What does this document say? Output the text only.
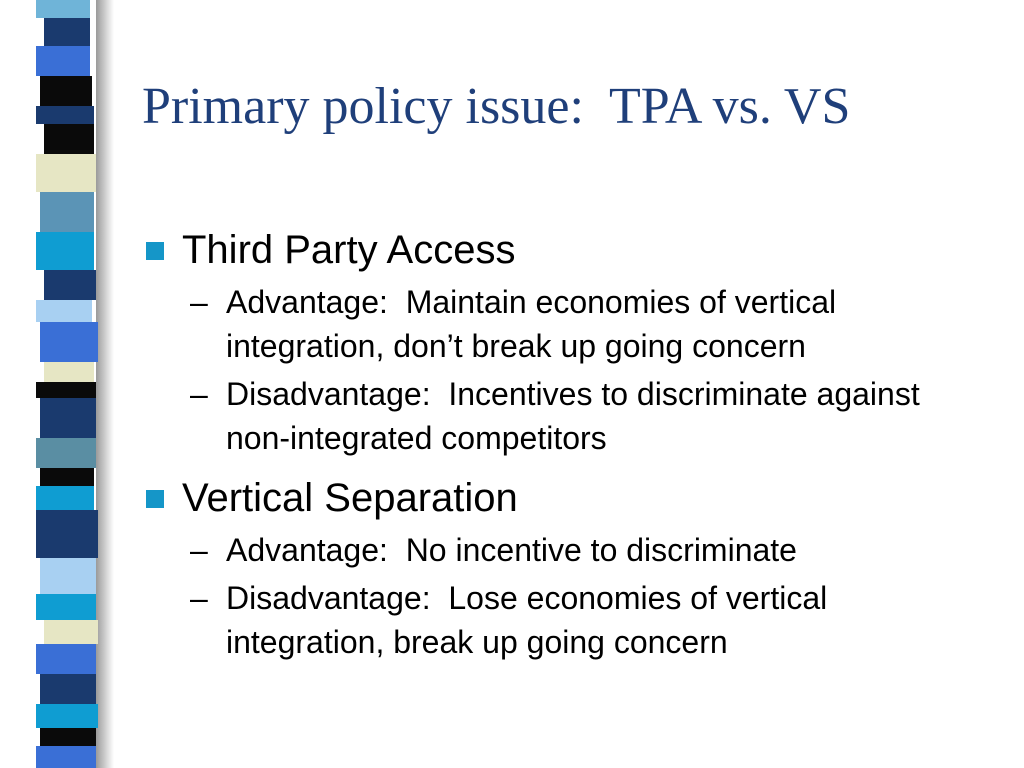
Primary policy issue:  TPA vs. VS
Third Party Access
– Advantage:  Maintain economies of vertical integration, don’t break up going concern
– Disadvantage:  Incentives to discriminate against non-integrated competitors
Vertical Separation
– Advantage:  No incentive to discriminate
– Disadvantage:  Lose economies of vertical integration, break up going concern
